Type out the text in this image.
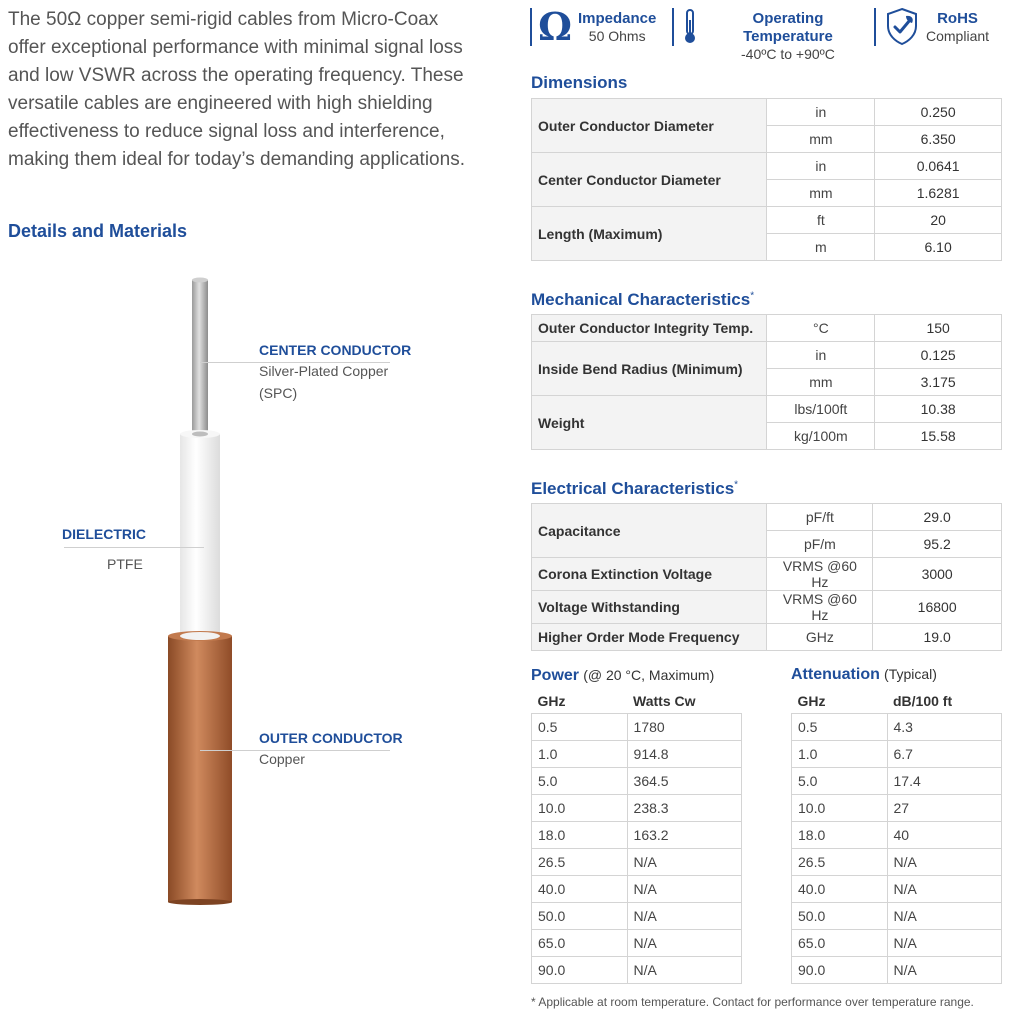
The 50Ω copper semi-rigid cables from Micro-Coax
offer exceptional performance with minimal signal loss
and low VSWR across the operating frequency. These
versatile cables are engineered with high shielding
effectiveness to reduce signal loss and interference,
making them ideal for today’s demanding applications.
Details and Materials
CENTER CONDUCTOR
Silver-Plated Copper
(SPC)
DIELECTRIC
PTFE
OUTER CONDUCTOR
Copper
Ω Impedance
50 Ohms
Operating Temperature
-40ºC to +90ºC
RoHS
Compliant
Dimensions
Outer Conductor Diameter	in	0.250
	mm	6.350
Center Conductor Diameter	in	0.0641
	mm	1.6281
Length (Maximum)	ft	20
	m	6.10
Mechanical Characteristics*
Outer Conductor Integrity Temp.	°C	150
Inside Bend Radius (Minimum)	in	0.125
	mm	3.175
Weight	lbs/100ft	10.38
	kg/100m	15.58
Electrical Characteristics*
Capacitance	pF/ft	29.0
	pF/m	95.2
Corona Extinction Voltage	VRMS @60 Hz	3000
Voltage Withstanding	VRMS @60 Hz	16800
Higher Order Mode Frequency	GHz	19.0
Power (@ 20 °C, Maximum)
GHz	Watts Cw
0.5	1780
1.0	914.8
5.0	364.5
10.0	238.3
18.0	163.2
26.5	N/A
40.0	N/A
50.0	N/A
65.0	N/A
90.0	N/A
Attenuation (Typical)
GHz	dB/100 ft
0.5	4.3
1.0	6.7
5.0	17.4
10.0	27
18.0	40
26.5	N/A
40.0	N/A
50.0	N/A
65.0	N/A
90.0	N/A
* Applicable at room temperature. Contact for performance over temperature range.
